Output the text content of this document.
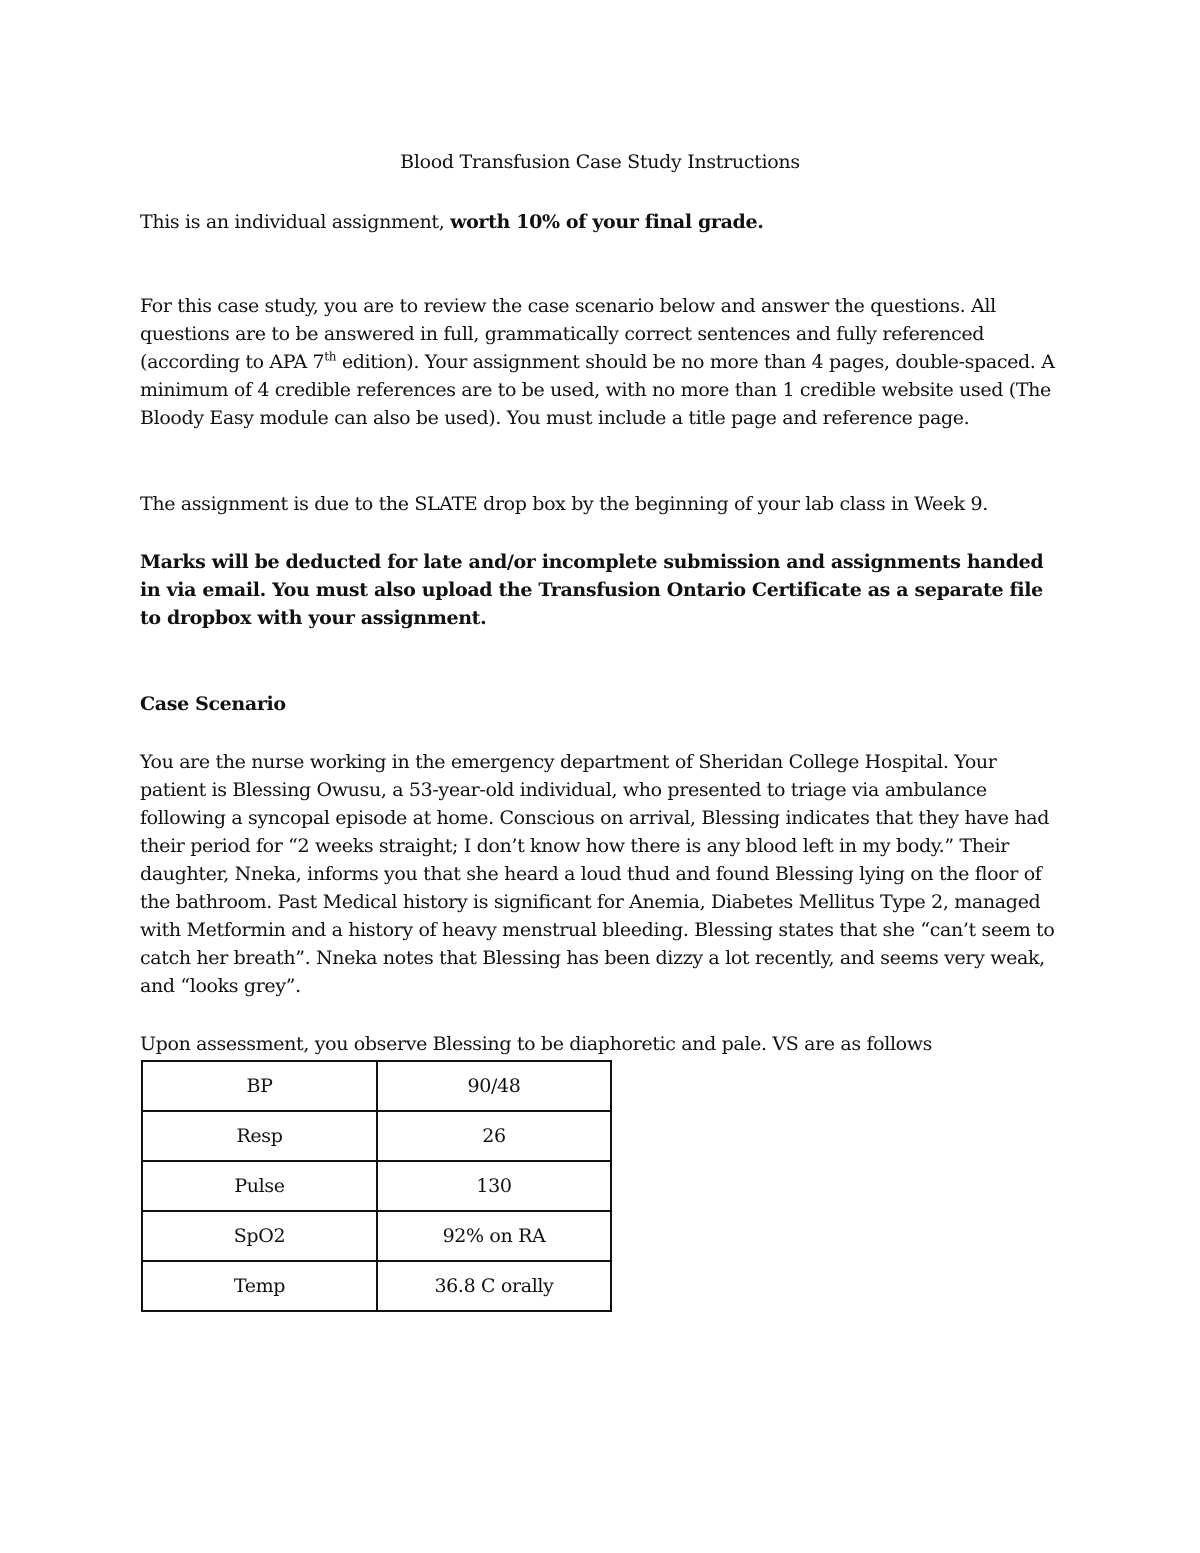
Blood Transfusion Case Study Instructions

This is an individual assignment, worth 10% of your final grade.

For this case study, you are to review the case scenario below and answer the questions. All questions are to be answered in full, grammatically correct sentences and fully referenced (according to APA 7th edition). Your assignment should be no more than 4 pages, double-spaced. A minimum of 4 credible references are to be used, with no more than 1 credible website used (The Bloody Easy module can also be used). You must include a title page and reference page.

The assignment is due to the SLATE drop box by the beginning of your lab class in Week 9.

Marks will be deducted for late and/or incomplete submission and assignments handed in via email. You must also upload the Transfusion Ontario Certificate as a separate file to dropbox with your assignment.

Case Scenario

You are the nurse working in the emergency department of Sheridan College Hospital. Your patient is Blessing Owusu, a 53-year-old individual, who presented to triage via ambulance following a syncopal episode at home. Conscious on arrival, Blessing indicates that they have had their period for “2 weeks straight; I don’t know how there is any blood left in my body.” Their daughter, Nneka, informs you that she heard a loud thud and found Blessing lying on the floor of the bathroom. Past Medical history is significant for Anemia, Diabetes Mellitus Type 2, managed with Metformin and a history of heavy menstrual bleeding. Blessing states that she “can’t seem to catch her breath”. Nneka notes that Blessing has been dizzy a lot recently, and seems very weak, and “looks grey”.

Upon assessment, you observe Blessing to be diaphoretic and pale. VS are as follows

BP	90/48
Resp	26
Pulse	130
SpO2	92% on RA
Temp	36.8 C orally
